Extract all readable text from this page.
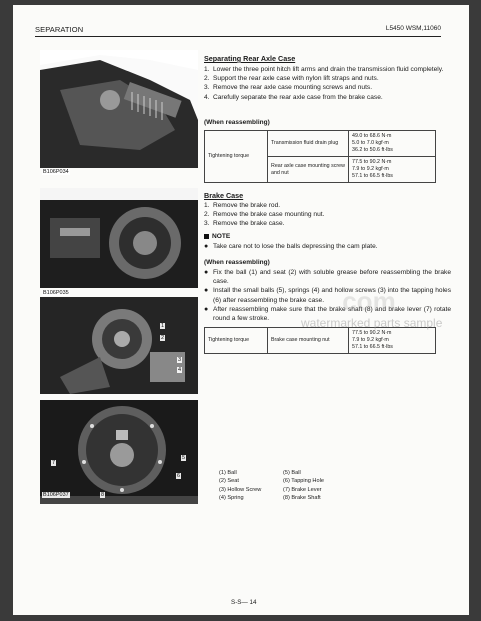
SEPARATION	L5450 WSM,11060
B106P034
B106P035
B106P037
1
2
3
4
5
6
7
8
Separating Rear Axle Case
1. Lower the three point hitch lift arms and drain the transmission fluid completely.
2. Support the rear axle case with nylon lift straps and nuts.
3. Remove the rear axle case mounting screws and nuts.
4. Carefully separate the rear axle case from the brake case.
(When reassembling)
Tightening torque	Transmission fluid drain plug	49.0 to 68.6 N·m
5.0 to 7.0 kgf·m
36.2 to 50.6 ft·lbs

	Rear axle case mounting screw and nut	77.5 to 90.2 N·m
7.9 to 9.2 kgf·m
57.1 to 66.5 ft·lbs
Brake Case
1. Remove the brake rod.
2. Remove the brake case mounting nut.
3. Remove the brake case.
NOTE
● Take care not to lose the balls depressing the cam plate.
(When reassembling)
● Fix the ball (1) and seat (2) with soluble grease before reassembling the brake case.
● Install the small balls (5), springs (4) and hollow screws (3) into the tapping holes (6) after reassembling the brake case.
● After reassembling make sure that the brake shaft (8) and brake lever (7) rotate round a few stroke.
Tightening torque	Brake case mounting nut	
77.5 to 90.2 N·m
7.9 to 9.2 kgf·m
57.1 to 66.5 ft·lbs
(1) Ball	(5) Ball
(2) Seat	(6) Tapping Hole
(3) Hollow Screw	(7) Brake Lever
(4) Spring	(8) Brake Shaft
S-S— 14
.com
watermarked parts sample
